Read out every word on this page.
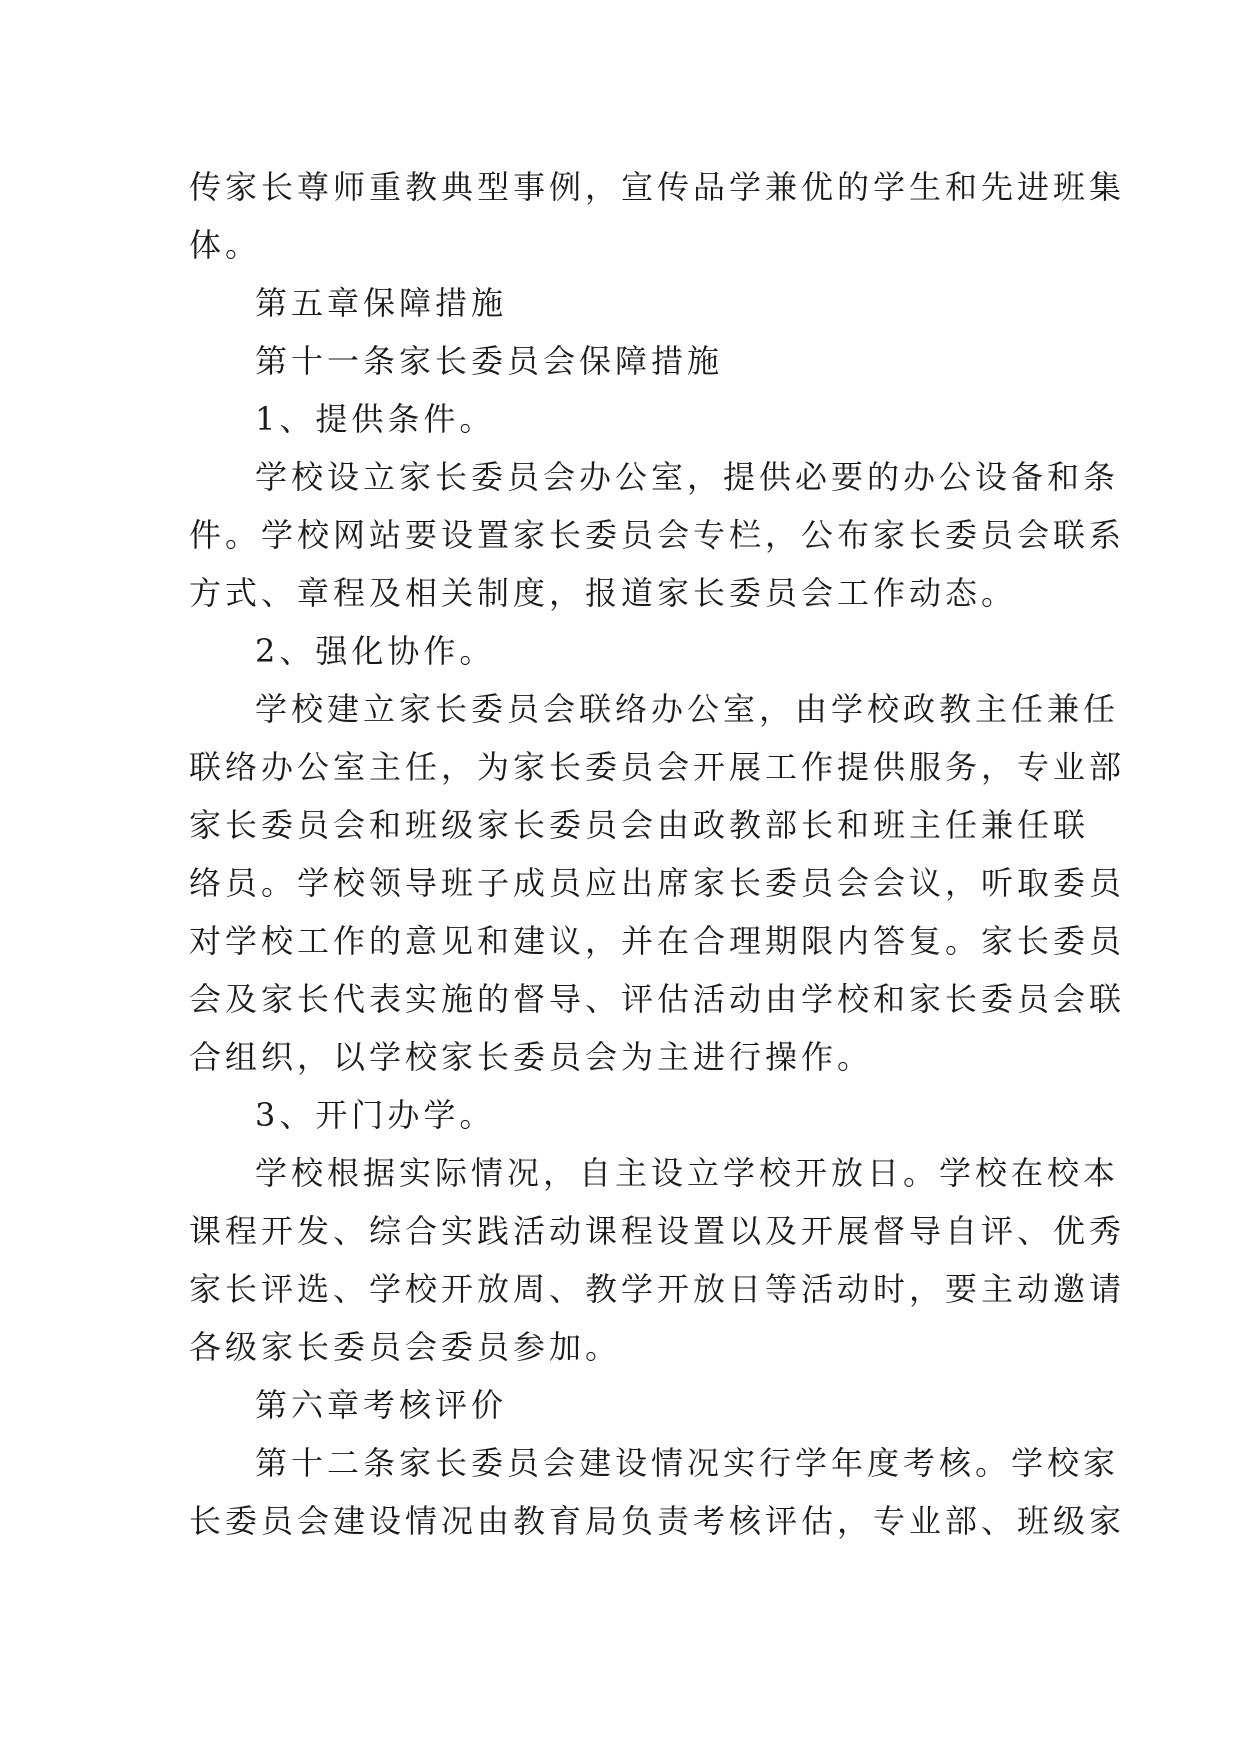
传家长尊师重教典型事例，宣传品学兼优的学生和先进班集
体。
第五章保障措施
第十一条家长委员会保障措施
1、提供条件。
学校设立家长委员会办公室，提供必要的办公设备和条
件。学校网站要设置家长委员会专栏，公布家长委员会联系
方式、章程及相关制度，报道家长委员会工作动态。
2、强化协作。
学校建立家长委员会联络办公室，由学校政教主任兼任
联络办公室主任，为家长委员会开展工作提供服务，专业部
家长委员会和班级家长委员会由政教部长和班主任兼任联
络员。学校领导班子成员应出席家长委员会会议，听取委员
对学校工作的意见和建议，并在合理期限内答复。家长委员
会及家长代表实施的督导、评估活动由学校和家长委员会联
合组织，以学校家长委员会为主进行操作。
3、开门办学。
学校根据实际情况，自主设立学校开放日。学校在校本
课程开发、综合实践活动课程设置以及开展督导自评、优秀
家长评选、学校开放周、教学开放日等活动时，要主动邀请
各级家长委员会委员参加。
第六章考核评价
第十二条家长委员会建设情况实行学年度考核。学校家
长委员会建设情况由教育局负责考核评估，专业部、班级家
